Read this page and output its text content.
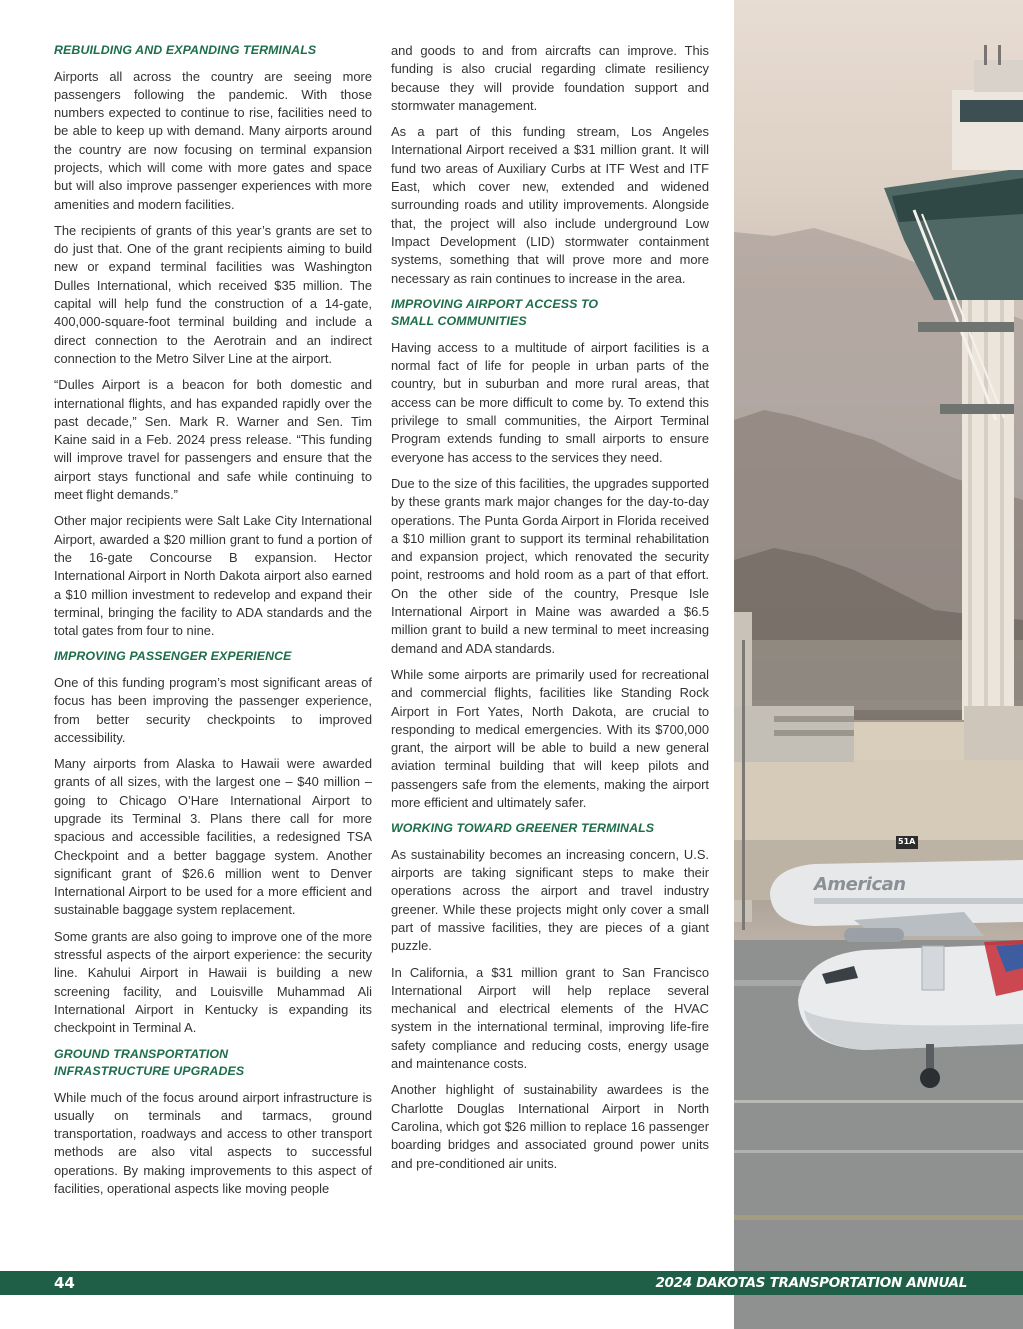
REBUILDING AND EXPANDING TERMINALS

Airports all across the country are seeing more passengers following the pandemic. With those numbers expected to continue to rise, facilities need to be able to keep up with demand. Many airports around the country are now focusing on terminal expansion projects, which will come with more gates and space but will also improve passenger experiences with more amenities and modern facilities.

The recipients of grants of this year’s grants are set to do just that. One of the grant recipients aiming to build new or expand terminal facilities was Washington Dulles International, which received $35 million. The capital will help fund the construction of a 14-gate, 400,000-square-foot terminal building and include a direct connection to the Aerotrain and an indirect connection to the Metro Silver Line at the airport.

“Dulles Airport is a beacon for both domestic and international flights, and has expanded rapidly over the past decade,” Sen. Mark R. Warner and Sen. Tim Kaine said in a Feb. 2024 press release. “This funding will improve travel for passengers and ensure that the airport stays functional and safe while continuing to meet flight demands.”

Other major recipients were Salt Lake City International Airport, awarded a $20 million grant to fund a portion of the 16-gate Concourse B expansion. Hector International Airport in North Dakota airport also earned a $10 million investment to redevelop and expand their terminal, bringing the facility to ADA standards and the total gates from four to nine.

IMPROVING PASSENGER EXPERIENCE

One of this funding program’s most significant areas of focus has been improving the passenger experience, from better security checkpoints to improved accessibility.

Many airports from Alaska to Hawaii were awarded grants of all sizes, with the largest one – $40 million – going to Chicago O’Hare International Airport to upgrade its Terminal 3. Plans there call for more spacious and accessible facilities, a redesigned TSA Checkpoint and a better baggage system. Another significant grant of $26.6 million went to Denver International Airport to be used for a more efficient and sustainable baggage system replacement.

Some grants are also going to improve one of the more stressful aspects of the airport experience: the security line. Kahului Airport in Hawaii is building a new screening facility, and Louisville Muhammad Ali International Airport in Kentucky is expanding its checkpoint in Terminal A.

GROUND TRANSPORTATION
INFRASTRUCTURE UPGRADES

While much of the focus around airport infrastructure is usually on terminals and tarmacs, ground transportation, roadways and access to other transport methods are also vital aspects to successful operations. By making improvements to this aspect of facilities, operational aspects like moving people

and goods to and from aircrafts can improve. This funding is also crucial regarding climate resiliency because they will provide foundation support and stormwater management.

As a part of this funding stream, Los Angeles International Airport received a $31 million grant. It will fund two areas of Auxiliary Curbs at ITF West and ITF East, which cover new, extended and widened surrounding roads and utility improvements. Alongside that, the project will also include underground Low Impact Development (LID) stormwater containment systems, something that will prove more and more necessary as rain continues to increase in the area.

IMPROVING AIRPORT ACCESS TO
SMALL COMMUNITIES

Having access to a multitude of airport facilities is a normal fact of life for people in urban parts of the country, but in suburban and more rural areas, that access can be more difficult to come by. To extend this privilege to small communities, the Airport Terminal Program extends funding to small airports to ensure everyone has access to the services they need.

Due to the size of this facilities, the upgrades supported by these grants mark major changes for the day-to-day operations. The Punta Gorda Airport in Florida received a $10 million grant to support its terminal rehabilitation and expansion project, which renovated the security point, restrooms and hold room as a part of that effort. On the other side of the country, Presque Isle International Airport in Maine was awarded a $6.5 million grant to build a new terminal to meet increasing demand and ADA standards.

While some airports are primarily used for recreational and commercial flights, facilities like Standing Rock Airport in Fort Yates, North Dakota, are crucial to responding to medical emergencies. With its $700,000 grant, the airport will be able to build a new general aviation terminal building that will keep pilots and passengers safe from the elements, making the airport more efficient and ultimately safer.

WORKING TOWARD GREENER TERMINALS

As sustainability becomes an increasing concern, U.S. airports are taking significant steps to make their operations across the airport and travel industry greener. While these projects might only cover a small part of massive facilities, they are pieces of a giant puzzle.

In California, a $31 million grant to San Francisco International Airport will help replace several mechanical and electrical elements of the HVAC system in the international terminal, improving life-fire safety compliance and reducing costs, energy usage and maintenance costs.

Another highlight of sustainability awardees is the Charlotte Douglas International Airport in North Carolina, which got $26 million to replace 16 passenger boarding bridges and associated ground power units and pre-conditioned air units.

American
51A
44	2024 DAKOTAS TRANSPORTATION ANNUAL
